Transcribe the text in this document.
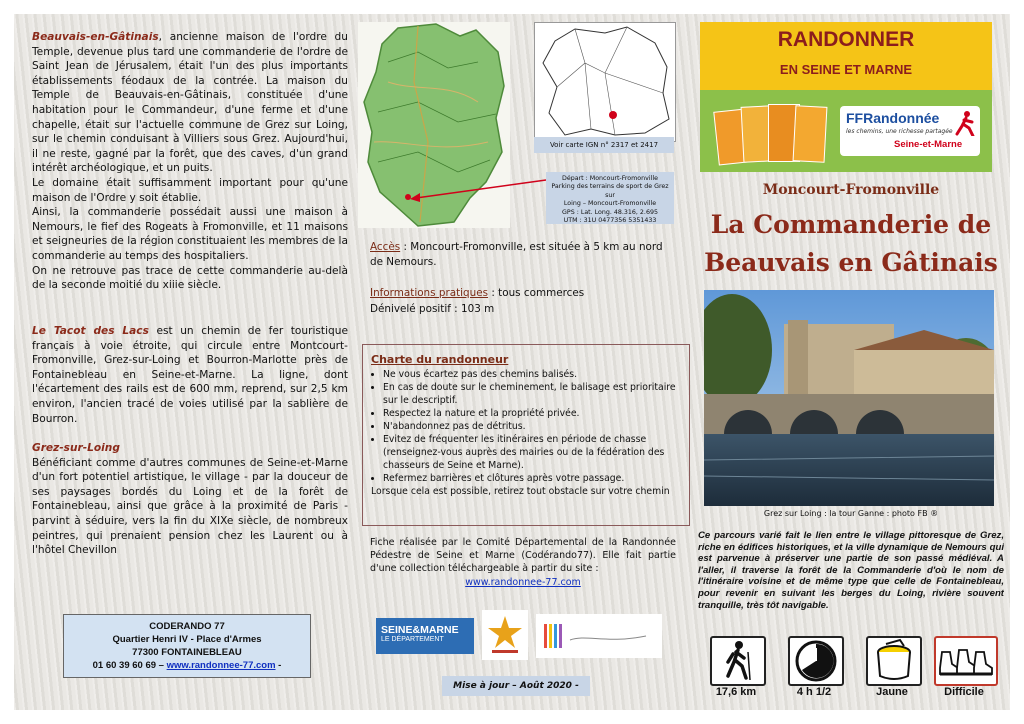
Beauvais-en-Gâtinais, ancienne maison de l'ordre du Temple, devenue plus tard une commanderie de l'ordre de Saint Jean de Jérusalem, était l'un des plus importants établissements féodaux de la contrée. La maison du Temple de Beauvais-en-Gâtinais, constituée d'une habitation pour le Commandeur, d'une ferme et d'une chapelle, était sur l'actuelle commune de Grez sur Loing, sur le chemin conduisant à Villiers sous Grez. Aujourd'hui, il ne reste, gagné par la forêt, que des caves, d'un grand intérêt archéologique, et un puits.

Le domaine était suffisamment important pour qu'une maison de l'Ordre y soit établie.

Ainsi, la commanderie possédait aussi une maison à Nemours, le fief des Rogeats à Fromonville, et 11 maisons et seigneuries de la région constituaient les membres de la commanderie au temps des hospitaliers.

On ne retrouve pas trace de cette commanderie au-delà de la seconde moitié du xiiie siècle.

Le Tacot des Lacs est un chemin de fer touristique français à voie étroite, qui circule entre Montcourt-Fromonville, Grez-sur-Loing et Bourron-Marlotte près de Fontainebleau en Seine-et-Marne. La ligne, dont l'écartement des rails est de 600 mm, reprend, sur 2,5 km environ, l'ancien tracé de voies utilisé par la sablière de Bourron.

Grez-sur-Loing

Bénéficiant comme d'autres communes de Seine-et-Marne d'un fort potentiel artistique, le village - par la douceur de ses paysages bordés du Loing et de la forêt de Fontainebleau, ainsi que grâce à la proximité de Paris - parvint à séduire, vers la fin du XIXe siècle, de nombreux peintres, qui prenaient pension chez les Laurent ou à l'hôtel Chevillon

CODERANDO 77
Quartier Henri IV - Place d'Armes
77300 FONTAINEBLEAU
01 60 39 60 69 – www.randonnee-77.com -
Voir carte IGN n° 2317 et 2417
Départ : Moncourt-Fromonville
Parking des terrains de sport de Grez sur
Loing – Moncourt-Fromonville
GPS : Lat. Long. 48.316, 2.695
UTM : 31U 0477356 5351433

Accès : Moncourt-Fromonville, est située à 5 km au nord de Nemours.

Informations pratiques : tous commerces

Dénivelé positif : 103 m

Charte du randonneur
• Ne vous écartez pas des chemins balisés.
• En cas de doute sur le cheminement, le balisage est prioritaire sur le descriptif.
• Respectez la nature et la propriété privée.
• N'abandonnez pas de détritus.
• Evitez de fréquenter les itinéraires en période de chasse (renseignez-vous auprès des mairies ou de la fédération des chasseurs de Seine et Marne).
• Refermez barrières et clôtures après votre passage.
Lorsque cela est possible, retirez tout obstacle sur votre chemin

Fiche réalisée par le Comité Départemental de la Randonnée Pédestre de Seine et Marne (Codérando77). Elle fait partie d'une collection téléchargeable à partir du site :

www.randonnee-77.com
SEINE&MARNE
LE DÉPARTEMENT
Mise à jour – Août 2020 -
RANDONNER
EN SEINE ET MARNE
FFRandonnée
les chemins, une richesse partagée
Seine-et-Marne
Moncourt-Fromonville
La Commanderie de
Beauvais en Gâtinais
Grez sur Loing : la tour Ganne : photo FB ®

Ce parcours varié fait le lien entre le village pittoresque de Grez, riche en édifices historiques, et la ville dynamique de Nemours qui est parvenue à préserver une partie de son passé médiéval. A l'aller, il traverse la forêt de la Commanderie d'où le nom de l'itinéraire voisine et de même type que celle de Fontainebleau, pour revenir en suivant les berges du Loing, rivière souvent tranquille, très tôt navigable.

17,6 km	4 h 1/2	Jaune	Difficile
